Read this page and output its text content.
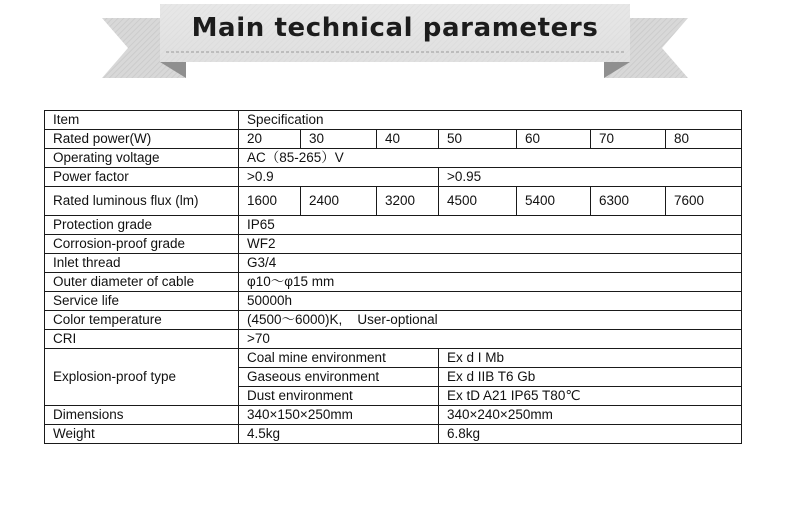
Main technical parameters
Item	Specification						
Rated power(W)	20	30	40	50	60	70	80
Operating voltage	AC（85-265）V						
Power factor	>0.9			>0.95			
Rated luminous flux (lm)	1600	2400	3200	4500	5400	6300	7600
Protection grade	IP65						
Corrosion-proof grade	WF2						
Inlet thread	G3/4						
Outer diameter of cable	φ10～φ15 mm						
Service life	50000h						
Color temperature	(4500～6000)K,    User-optional						
CRI	>70						
Explosion-proof type	Coal mine environment			Ex d I Mb			
	Gaseous environment			Ex d IIB T6 Gb			
	Dust environment			Ex tD A21 IP65 T80℃			
Dimensions	340×150×250mm			340×240×250mm			
Weight	4.5kg			6.8kg			
